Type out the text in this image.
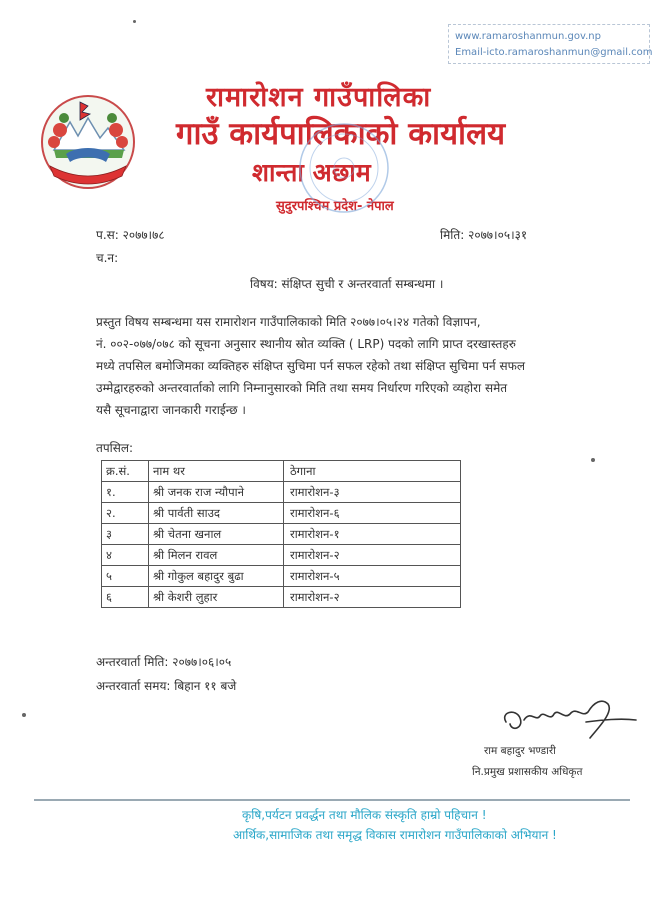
www.ramaroshanmun.gov.np
Email-icto.ramaroshanmun@gmail.com
रामारोशन गाउँपालिका
गाउँ कार्यपालिकाको कार्यालय
शान्ता अछाम
सुदुरपश्चिम प्रदेश- नेपाल
प.स: २०७७।७८
च.न:
मिति: २०७७।०५।३१
विषय: संक्षिप्त सुची र अन्तरवार्ता सम्बन्धमा ।
प्रस्तुत विषय सम्बन्धमा यस रामारोशन गाउँपालिकाको मिति २०७७।०५।२४ गतेको विज्ञापन,
नं. ००२-०७७/०७८ को सूचना अनुसार स्थानीय स्रोत व्यक्ति ( LRP) पदको लागि प्राप्त दरखास्तहरु
मध्ये तपसिल बमोजिमका व्यक्तिहरु संक्षिप्त सुचिमा पर्न सफल रहेको तथा संक्षिप्त सुचिमा पर्न सफल
उम्मेद्वारहरुको अन्तरवार्ताको लागि निम्नानुसारको मिति तथा समय निर्धारण गरिएको व्यहोरा समेत
यसै सूचनाद्वारा जानकारी गराईन्छ ।
तपसिल:
क्र.सं.	नाम थर	ठेगाना
१.	श्री जनक राज न्यौपाने	रामारोशन-३
२.	श्री पार्वती साउद	रामारोशन-६
३	श्री चेतना खनाल	रामारोशन-१
४	श्री मिलन रावल	रामारोशन-२
५	श्री गोकुल बहादुर बुढा	रामारोशन-५
६	श्री केशरी लुहार	रामारोशन-२
अन्तरवार्ता मिति: २०७७।०६।०५
अन्तरवार्ता समय: बिहान ११ बजे
राम बहादुर भण्डारी
नि.प्रमुख प्रशासकीय अधिकृत
कृषि,पर्यटन प्रवर्द्धन तथा मौलिक संस्कृति हाम्रो पहिचान !
आर्थिक,सामाजिक तथा समृद्ध विकास रामारोशन गाउँपालिकाको अभियान !
